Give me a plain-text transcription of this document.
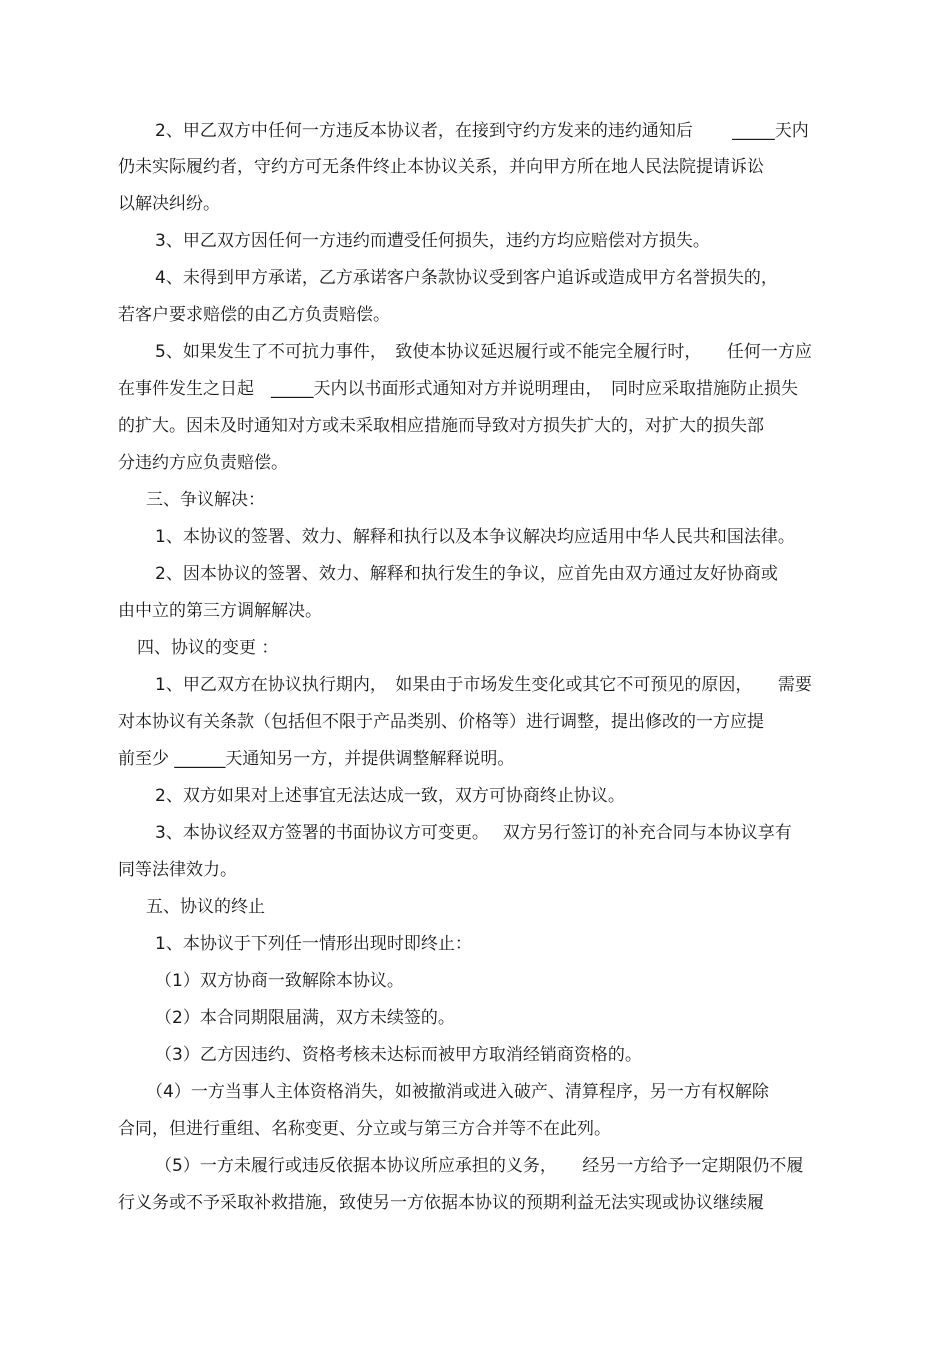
2、甲乙双方中任何一方违反本协议者，在接到守约方发来的违约通知后　　 _____天内
仍未实际履约者，守约方可无条件终止本协议关系，并向甲方所在地人民法院提请诉讼
以解决纠纷。
3、甲乙双方因任何一方违约而遭受任何损失，违约方均应赔偿对方损失。
4、未得到甲方承诺，乙方承诺客户条款协议受到客户追诉或造成甲方名誉损失的，
若客户要求赔偿的由乙方负责赔偿。
5、如果发生了不可抗力事件，　致使本协议延迟履行或不能完全履行时，　　任何一方应
在事件发生之日起　_____天内以书面形式通知对方并说明理由，　同时应采取措施防止损失
的扩大。因未及时通知对方或未采取相应措施而导致对方损失扩大的，对扩大的损失部
分违约方应负责赔偿。
三、争议解决：
1、本协议的签署、效力、解释和执行以及本争议解决均应适用中华人民共和国法律。
2、因本协议的签署、效力、解释和执行发生的争议，应首先由双方通过友好协商或
由中立的第三方调解解决。
四、协议的变更 ：
1、甲乙双方在协议执行期内，　如果由于市场发生变化或其它不可预见的原因，　　需要
对本协议有关条款（包括但不限于产品类别、价格等）进行调整，提出修改的一方应提
前至少 ______天通知另一方，并提供调整解释说明。
2、双方如果对上述事宜无法达成一致，双方可协商终止协议。
3、本协议经双方签署的书面协议方可变更。　 双方另行签订的补充合同与本协议享有
同等法律效力。
五、协议的终止
1、本协议于下列任一情形出现时即终止：
（1）双方协商一致解除本协议。
（2）本合同期限届满，双方未续签的。
（3）乙方因违约、资格考核未达标而被甲方取消经销商资格的。
（4）一方当事人主体资格消失，如被撤消或进入破产、清算程序，另一方有权解除
合同，但进行重组、名称变更、分立或与第三方合并等不在此列。
（5）一方未履行或违反依据本协议所应承担的义务，　　经另一方给予一定期限仍不履
行义务或不予采取补救措施，致使另一方依据本协议的预期利益无法实现或协议继续履
